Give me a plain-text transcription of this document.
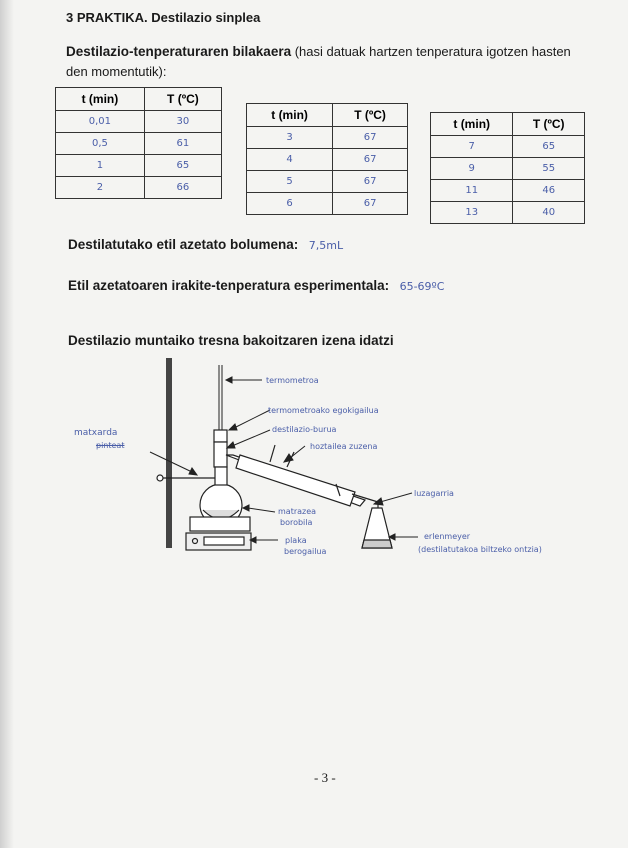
3 PRAKTIKA. Destilazio sinplea
Destilazio-tenperaturaren bilakaera (hasi datuak hartzen tenperatura igotzen hasten
den momentutik):
t (min)	T (ºC)
0,01	30
0,5	61
1	65
2	66
t (min)	T (ºC)
3	67
4	67
5	67
6	67
t (min)	T (ºC)
7	65
9	55
11	46
13	40
Destilatutako etil azetato bolumena: 7,5mL
Etil azetatoaren irakite-tenperatura esperimentala: 65-69ºC
Destilazio muntaiko tresna bakoitzaren izena idatzi
termometroa
termometroako egokigailua
destilazio-burua
hoztailea zuzena
matxarda
pinteat
luzagarria
matrazea
borobila
erlenmeyer
plaka
berogailua	(destilatutakoa biltzeko ontzia)
- 3 -
